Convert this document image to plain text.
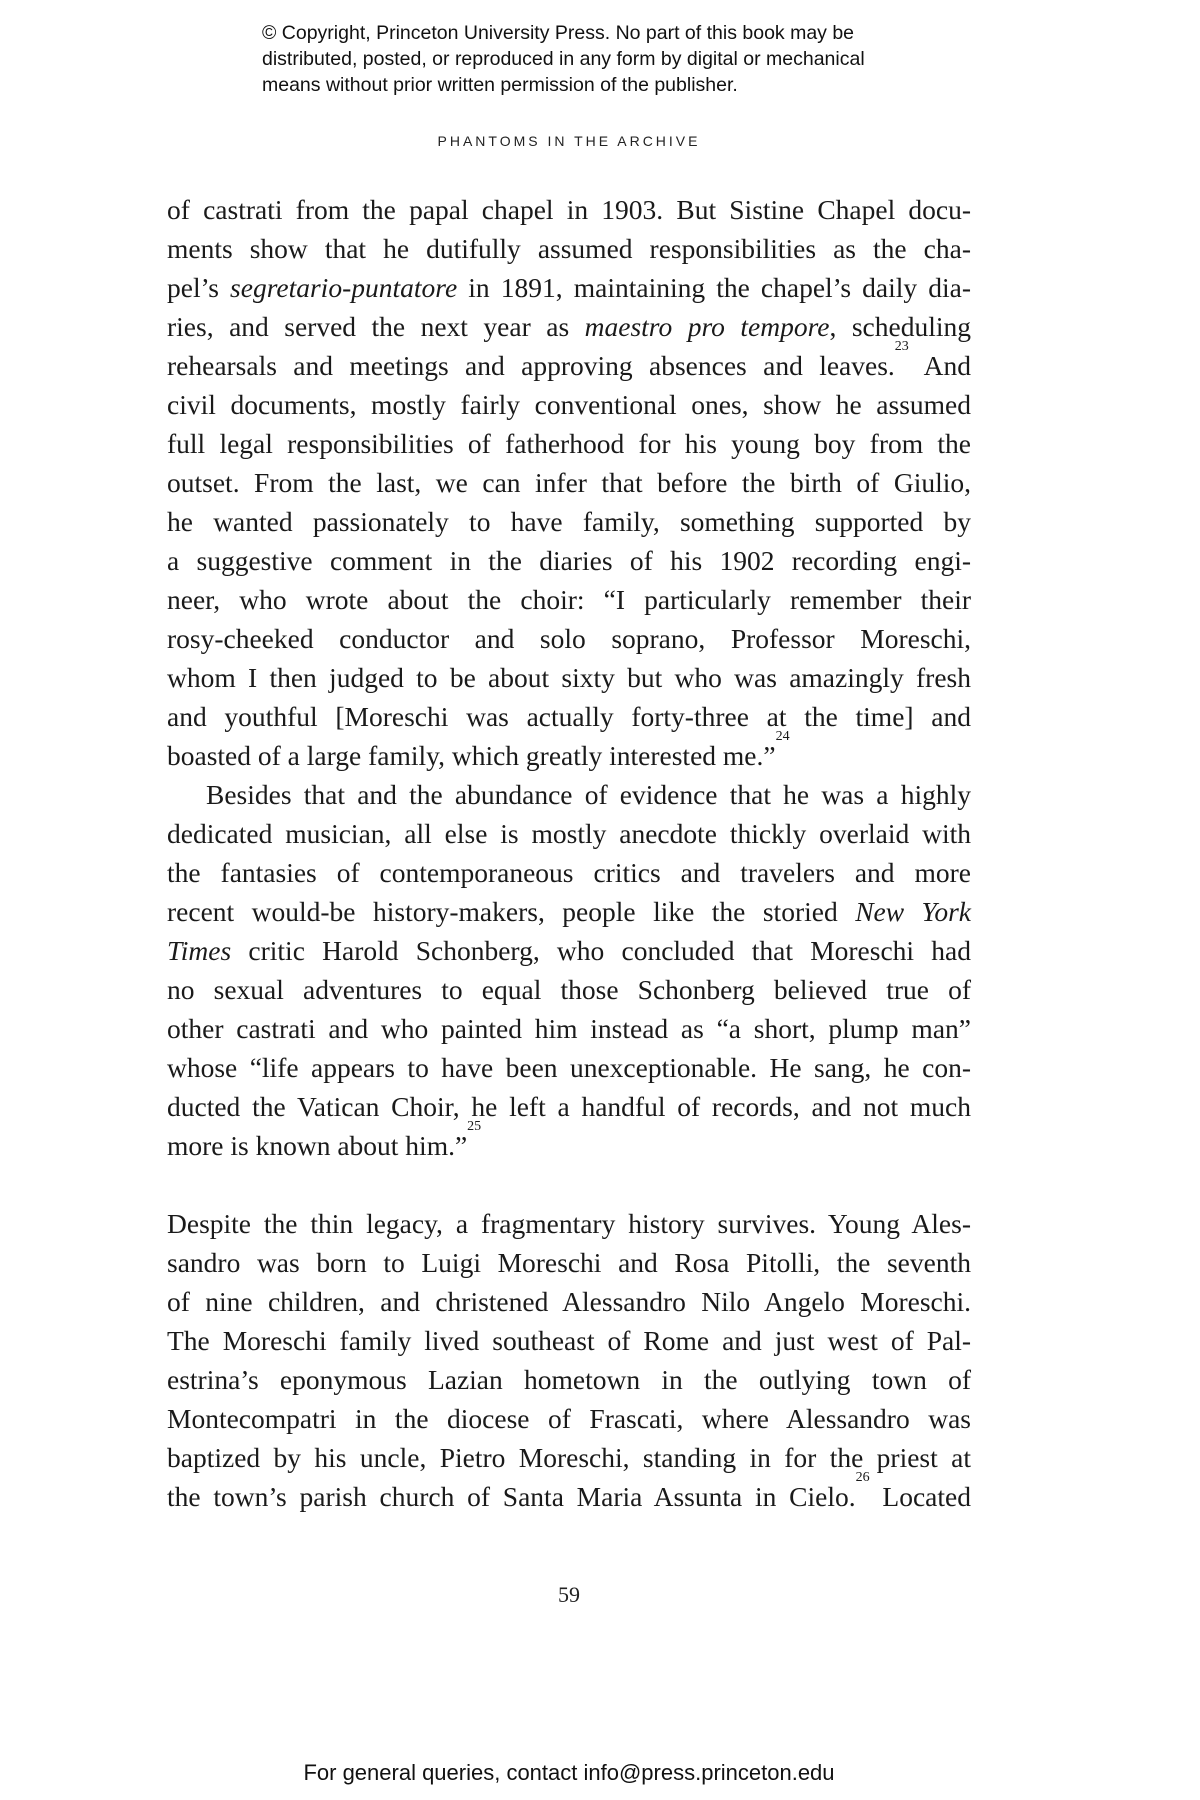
© Copyright, Princeton University Press. No part of this book may be
distributed, posted, or reproduced in any form by digital or mechanical
means without prior written permission of the publisher.
PHANTOMS IN THE ARCHIVE
of castrati from the papal chapel in 1903. But Sistine Chapel docu-
ments show that he dutifully assumed responsibilities as the cha-
pel’s segretario-puntatore in 1891, maintaining the chapel’s daily dia-
ries, and served the next year as maestro pro tempore, scheduling
rehearsals and meetings and approving absences and leaves.$^{23}$ And
civil documents, mostly fairly conventional ones, show he assumed
full legal responsibilities of fatherhood for his young boy from the
outset. From the last, we can infer that before the birth of Giulio,
he wanted passionately to have family, something supported by
a suggestive comment in the diaries of his 1902 recording engi-
neer, who wrote about the choir: “I particularly remember their
rosy-cheeked conductor and solo soprano, Professor Moreschi,
whom I then judged to be about sixty but who was amazingly fresh
and youthful [Moreschi was actually forty-three at the time] and
boasted of a large family, which greatly interested me.”$^{24}$
Besides that and the abundance of evidence that he was a highly
dedicated musician, all else is mostly anecdote thickly overlaid with
the fantasies of contemporaneous critics and travelers and more
recent would-be history-makers, people like the storied New York
Times critic Harold Schonberg, who concluded that Moreschi had
no sexual adventures to equal those Schonberg believed true of
other castrati and who painted him instead as “a short, plump man”
whose “life appears to have been unexceptionable. He sang, he con-
ducted the Vatican Choir, he left a handful of records, and not much
more is known about him.”$^{25}$
Despite the thin legacy, a fragmentary history survives. Young Ales-
sandro was born to Luigi Moreschi and Rosa Pitolli, the seventh
of nine children, and christened Alessandro Nilo Angelo Moreschi.
The Moreschi family lived southeast of Rome and just west of Pal-
estrina’s eponymous Lazian hometown in the outlying town of
Montecompatri in the diocese of Frascati, where Alessandro was
baptized by his uncle, Pietro Moreschi, standing in for the priest at
the town’s parish church of Santa Maria Assunta in Cielo.$^{26}$ Located
59
For general queries, contact info@press.princeton.edu
